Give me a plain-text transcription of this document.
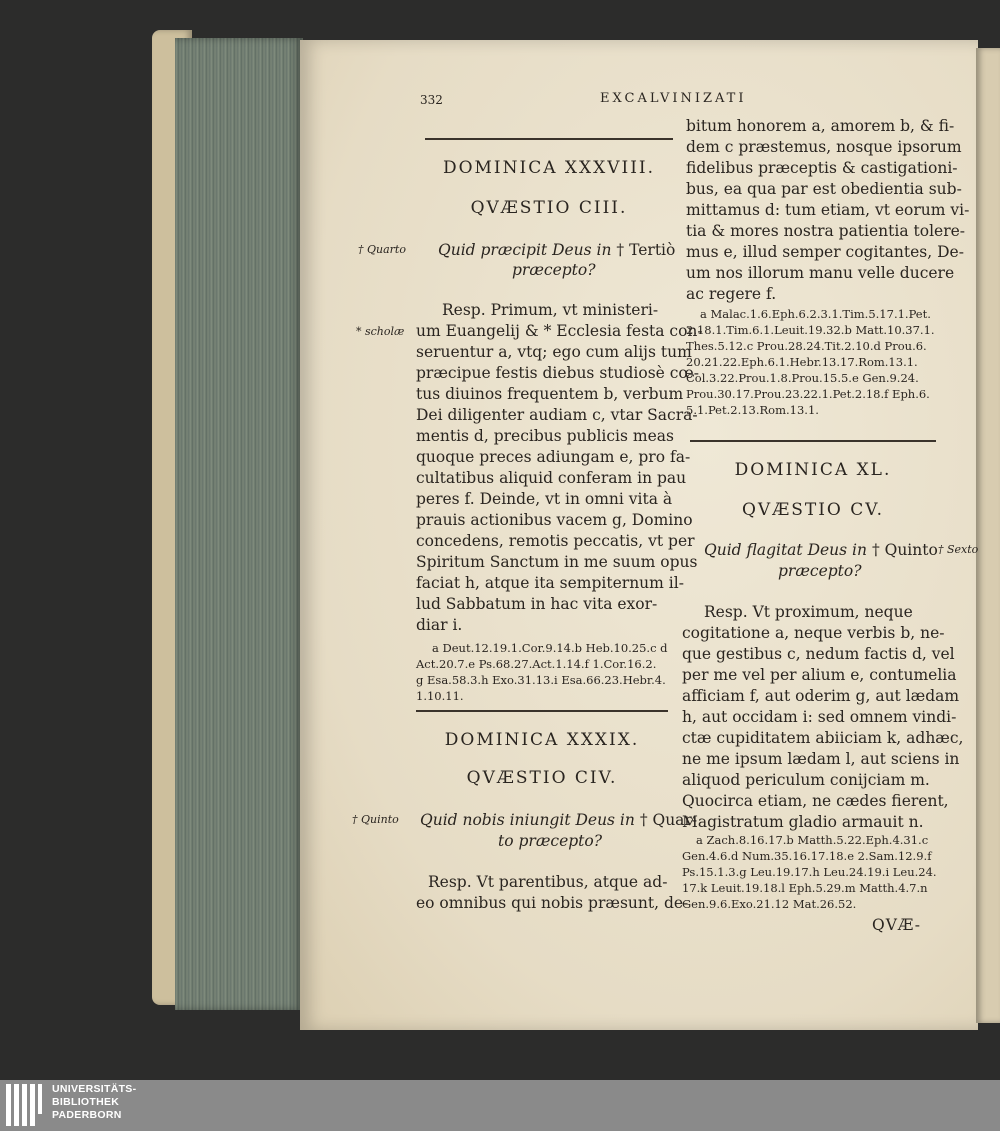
332	EXCALVINIZATI
DOMINICA XXXVIII.
QVÆSTIO CIII.
† Quarto Quid præcipit Deus in † Tertiò
præcepto?
* scholæ
Resp. Primum, vt ministeri-
um Euangelij & * Ecclesia festa con-
seruentur a, vtq; ego cum alijs tum
præcipue festis diebus studiosè cœ-
tus diuinos frequentem b, verbum
Dei diligenter audiam c, vtar Sacra-
mentis d, precibus publicis meas
quoque preces adiungam e, pro fa-
cultatibus aliquid conferam in pau
peres f. Deinde, vt in omni vita à
prauis actionibus vacem g, Domino
concedens, remotis peccatis, vt per
Spiritum Sanctum in me suum opus
faciat h, atque ita sempiternum il-
lud Sabbatum in hac vita exor-
diar i.
a Deut.12.19.1.Cor.9.14.b Heb.10.25.c d
Act.20.7.e Ps.68.27.Act.1.14.f 1.Cor.16.2.
g Esa.58.3.h Exo.31.13.i Esa.66.23.Hebr.4.
1.10.11.
DOMINICA XXXIX.
QVÆSTIO CIV.
† Quinto Quid nobis iniungit Deus in † Quar-
to præcepto?
Resp. Vt parentibus, atque ad-
eo omnibus qui nobis præsunt, de-
bitum honorem a, amorem b, & fi-
dem c præstemus, nosque ipsorum
fidelibus præceptis & castigationi-
bus, ea qua par est obedientia sub-
mittamus d: tum etiam, vt eorum vi-
tia & mores nostra patientia tolere-
mus e, illud semper cogitantes, De-
um nos illorum manu velle ducere
ac regere f.
a Malac.1.6.Eph.6.2.3.1.Tim.5.17.1.Pet.
2.18.1.Tim.6.1.Leuit.19.32.b Matt.10.37.1.
Thes.5.12.c Prou.28.24.Tit.2.10.d Prou.6.
20.21.22.Eph.6.1.Hebr.13.17.Rom.13.1.
Col.3.22.Prou.1.8.Prou.15.5.e Gen.9.24.
Prou.30.17.Prou.23.22.1.Pet.2.18.f Eph.6.
5.1.Pet.2.13.Rom.13.1.
DOMINICA XL.
QVÆSTIO CV.
† Sexto
Quid flagitat Deus in † Quinto
præcepto?
Resp. Vt proximum, neque
cogitatione a, neque verbis b, ne-
que gestibus c, nedum factis d, vel
per me vel per alium e, contumelia
afficiam f, aut oderim g, aut lædam
h, aut occidam i: sed omnem vindi-
ctæ cupiditatem abiiciam k, adhæc,
ne me ipsum lædam l, aut sciens in
aliquod periculum conijciam m.
Quocirca etiam, ne cædes fierent,
Magistratum gladio armauit n.
a Zach.8.16.17.b Matth.5.22.Eph.4.31.c
Gen.4.6.d Num.35.16.17.18.e 2.Sam.12.9.f
Ps.15.1.3.g Leu.19.17.h Leu.24.19.i Leu.24.
17.k Leuit.19.18.l Eph.5.29.m Matth.4.7.n
Gen.9.6.Exo.21.12 Mat.26.52.
QVÆ-
UNIVERSITÄTS-
BIBLIOTHEK
PADERBORN
